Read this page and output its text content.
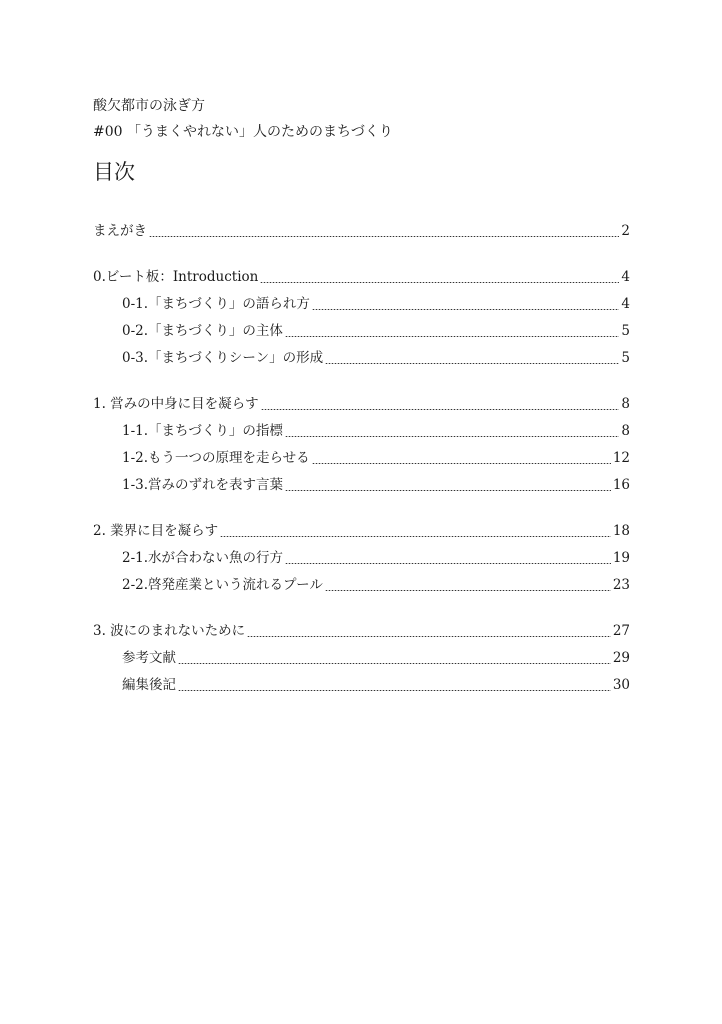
酸欠都市の泳ぎ方
#00 「うまくやれない」人のためのまちづくり
目次
まえがき	2
0.ビート板：Introduction	4
0-1.「まちづくり」の語られ方	4
0-2.「まちづくり」の主体	5
0-3.「まちづくりシーン」の形成	5
1. 営みの中身に目を凝らす	8
1-1.「まちづくり」の指標	8
1-2.もう一つの原理を走らせる	12
1-3.営みのずれを表す言葉	16
2. 業界に目を凝らす	18
2-1.水が合わない魚の行方	19
2-2.啓発産業という流れるプール	23
3. 波にのまれないために	27
参考文献	29
編集後記	30
